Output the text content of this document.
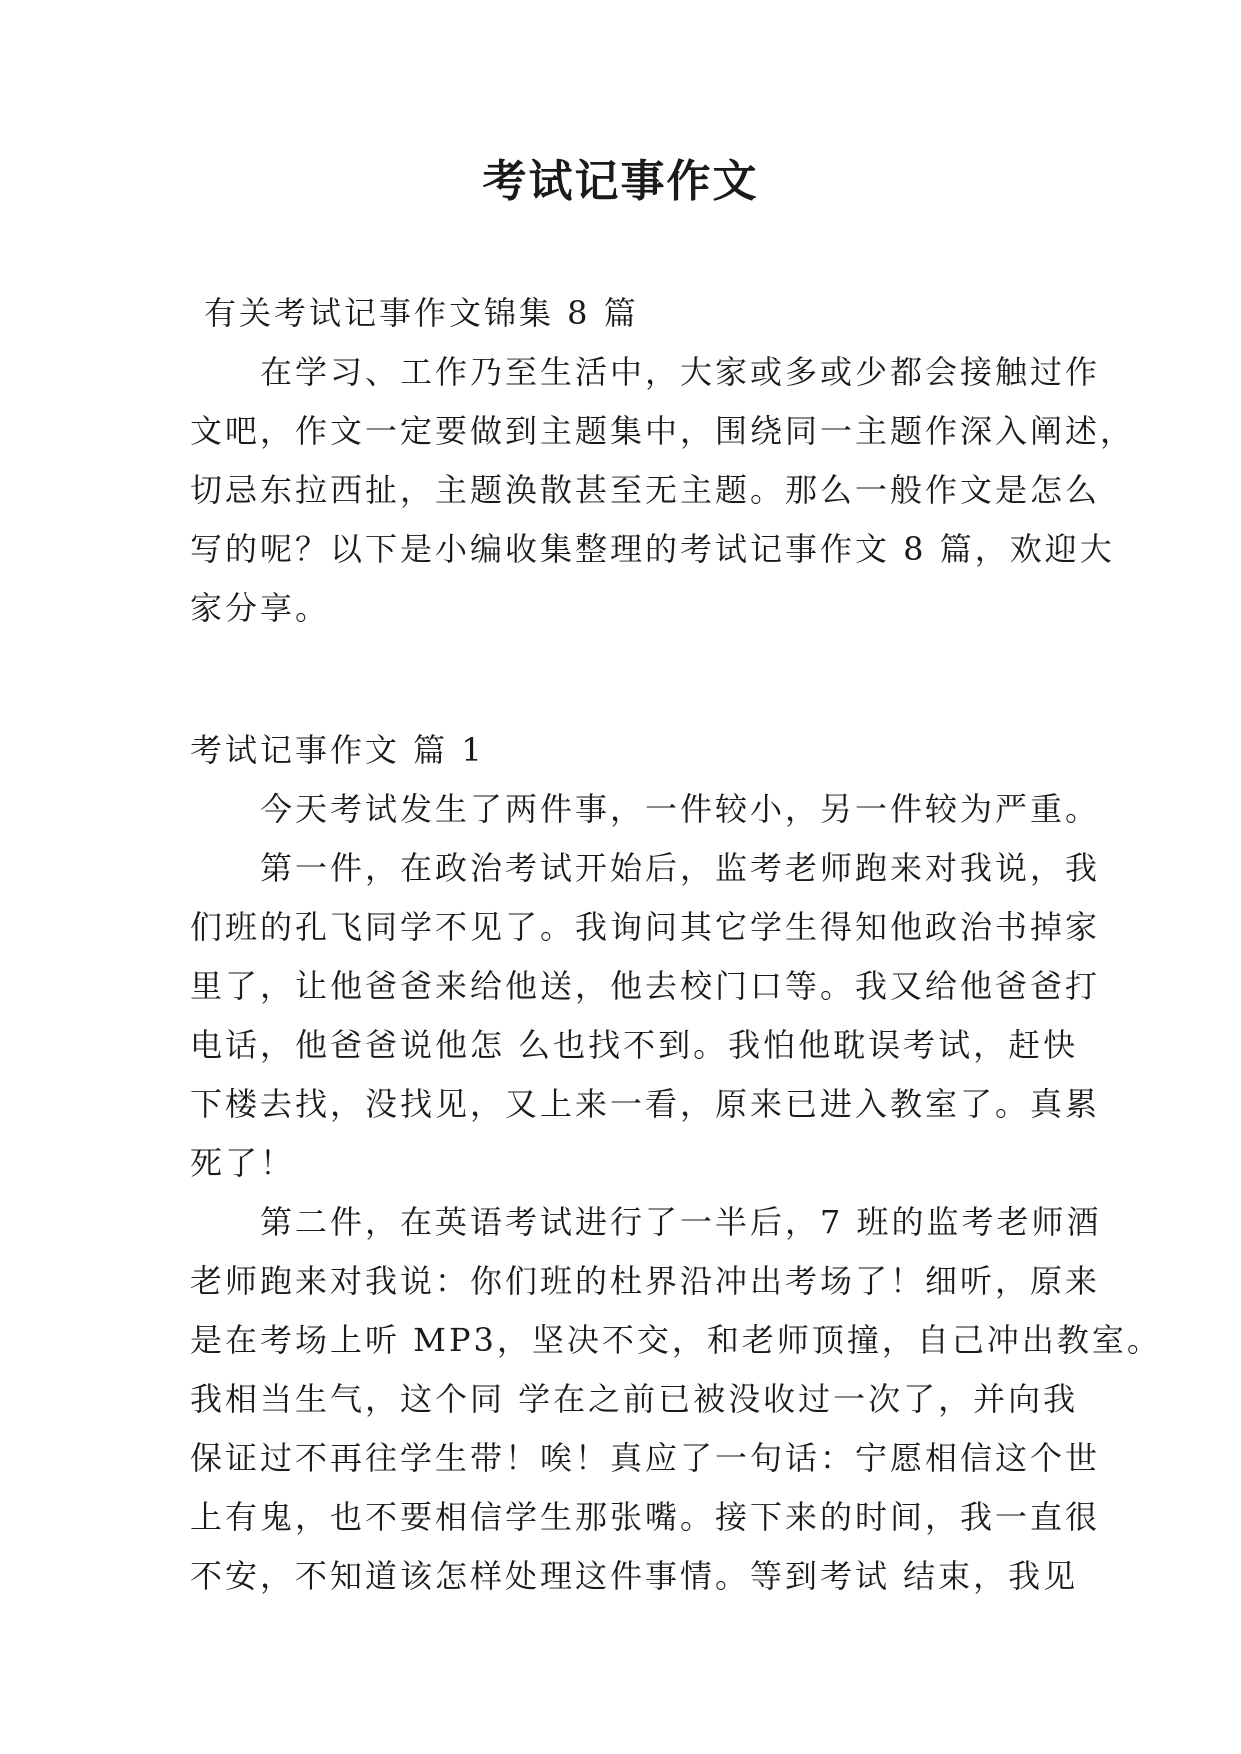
考试记事作文

有关考试记事作文锦集 8 篇

　　在学习、工作乃至生活中，大家或多或少都会接触过作

文吧，作文一定要做到主题集中，围绕同一主题作深入阐述，

切忌东拉西扯，主题涣散甚至无主题。那么一般作文是怎么

写的呢？以下是小编收集整理的考试记事作文 8 篇，欢迎大

家分享。

考试记事作文 篇 1

　　今天考试发生了两件事，一件较小，另一件较为严重。

　　第一件，在政治考试开始后，监考老师跑来对我说，我

们班的孔飞同学不见了。我询问其它学生得知他政治书掉家

里了，让他爸爸来给他送，他去校门口等。我又给他爸爸打

电话，他爸爸说他怎 么也找不到。我怕他耽误考试，赶快

下楼去找，没找见，又上来一看，原来已进入教室了。真累

死了！

　　第二件，在英语考试进行了一半后，7 班的监考老师酒

老师跑来对我说：你们班的杜界沿冲出考场了！细听，原来

是在考场上听 MP3，坚决不交，和老师顶撞，自己冲出教室。

我相当生气，这个同 学在之前已被没收过一次了，并向我

保证过不再往学生带！唉！真应了一句话：宁愿相信这个世

上有鬼，也不要相信学生那张嘴。接下来的时间，我一直很

不安，不知道该怎样处理这件事情。等到考试 结束，我见
